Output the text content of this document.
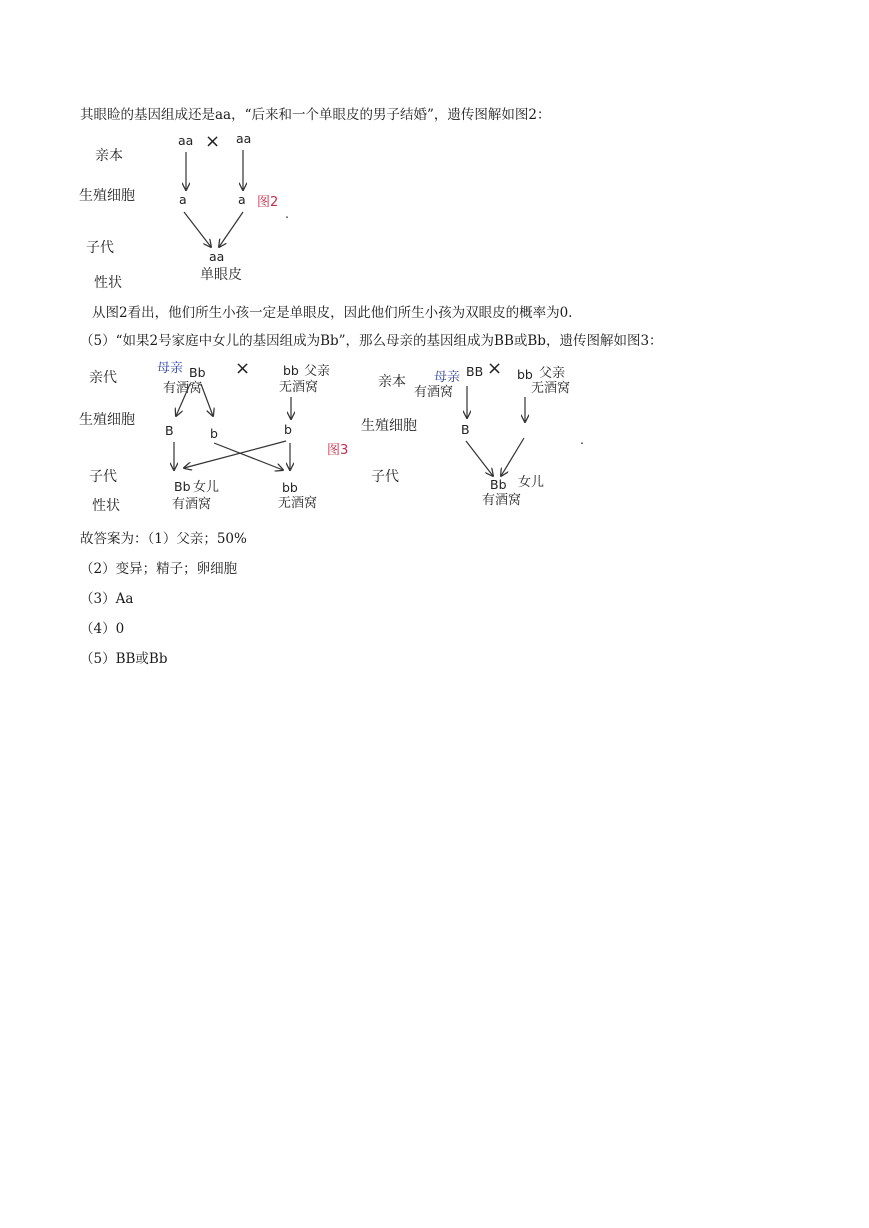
其眼睑的基因组成还是aa，“后来和一个单眼皮的男子结婚”，遗传图解如图2：
亲本
生殖细胞
子代
性状
aa × aa
a	a 图2
.
aa
单眼皮
亲代
生殖细胞
子代
性状
母亲 Bb
有酒窝
×	bb 父亲
无酒窝
B	b	b
图3
Bb 女儿
有酒窝
bb
无酒窝
亲本
生殖细胞
子代
母亲 BB
有酒窝
× bb 父亲
无酒窝
B
Bb 女儿
有酒窝
.
从图2看出，他们所生小孩一定是单眼皮，因此他们所生小孩为双眼皮的概率为0.
（5）“如果2号家庭中女儿的基因组成为Bb”，那么母亲的基因组成为BB或Bb，遗传图解如图3：
故答案为：（1）父亲；50%
（2）变异；精子；卵细胞
（3）Aa
（4）0
（5）BB或Bb
